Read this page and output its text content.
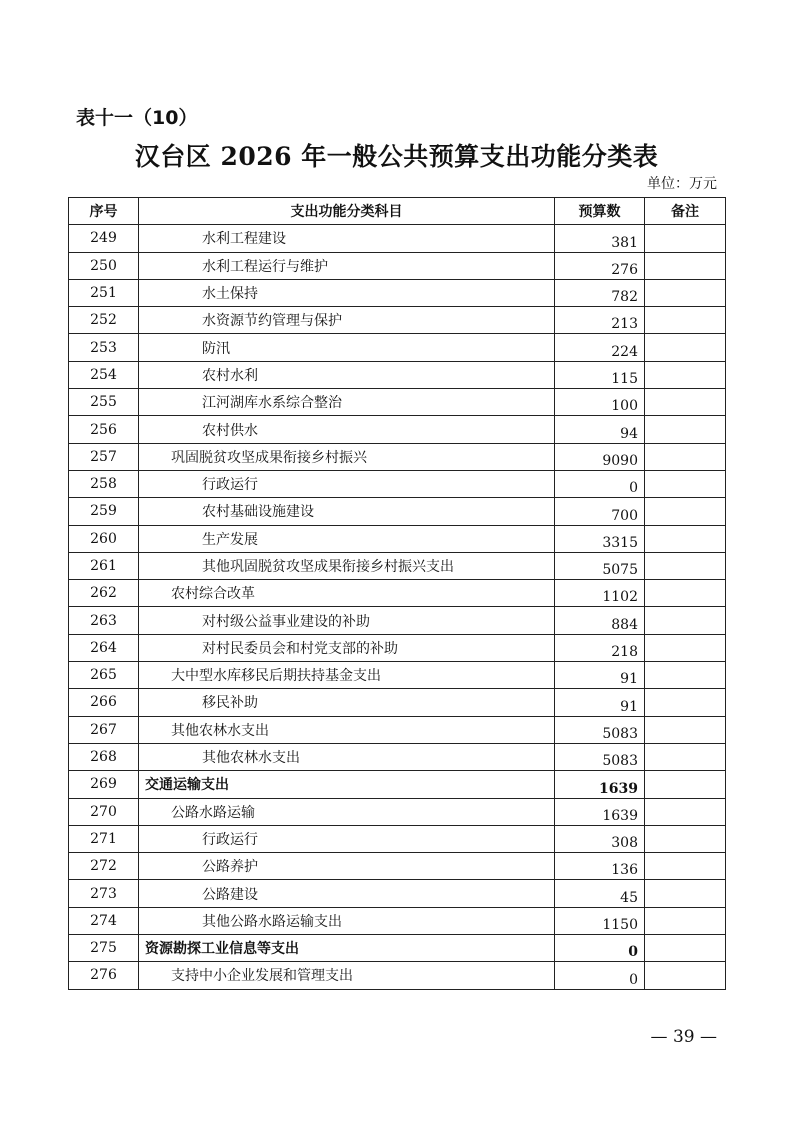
表十一（10）
汉台区 2026 年一般公共预算支出功能分类表
单位：万元
序号	支出功能分类科目	预算数	备注
249	水利工程建设	381	
250	水利工程运行与维护	276	
251	水土保持	782	
252	水资源节约管理与保护	213	
253	防汛	224	
254	农村水利	115	
255	江河湖库水系综合整治	100	
256	农村供水	94	
257	巩固脱贫攻坚成果衔接乡村振兴	9090	
258	行政运行	0	
259	农村基础设施建设	700	
260	生产发展	3315	
261	其他巩固脱贫攻坚成果衔接乡村振兴支出	5075	
262	农村综合改革	1102	
263	对村级公益事业建设的补助	884	
264	对村民委员会和村党支部的补助	218	
265	大中型水库移民后期扶持基金支出	91	
266	移民补助	91	
267	其他农林水支出	5083	
268	其他农林水支出	5083	
269	交通运输支出	1639	
270	公路水路运输	1639	
271	行政运行	308	
272	公路养护	136	
273	公路建设	45	
274	其他公路水路运输支出	1150	
275	资源勘探工业信息等支出	0	
276	支持中小企业发展和管理支出	0	
— 39 —
